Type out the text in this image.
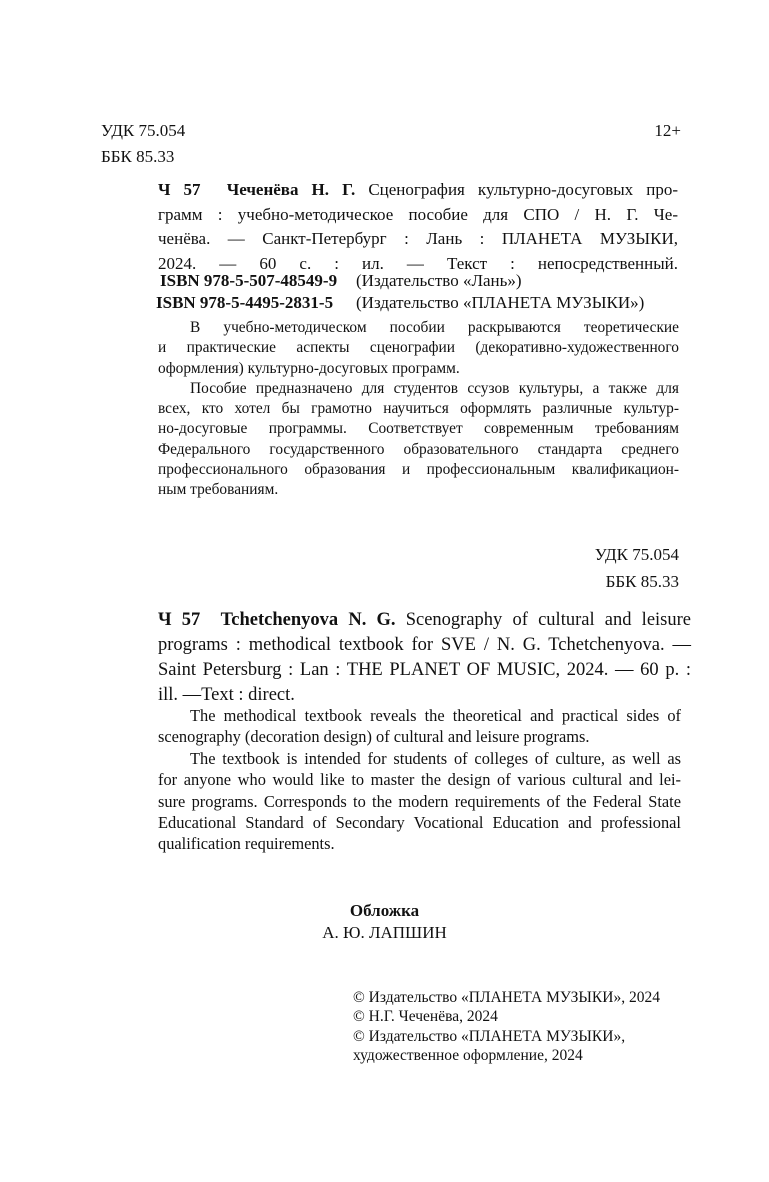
УДК 75.054
ББК 85.33
12+
Ч 57 Чеченёва Н. Г. Сценография культурно-досуговых про-
грамм : учебно-методическое пособие для СПО / Н. Г. Че-
ченёва. — Санкт-Петербург : Лань : ПЛАНЕТА МУЗЫКИ,
2024. — 60 с. : ил. — Текст : непосредственный.
ISBN 978-5-507-48549-9 (Издательство «Лань»)
ISBN 978-5-4495-2831-5 (Издательство «ПЛАНЕТА МУЗЫКИ»)

В учебно-методическом пособии раскрываются теоретические

и практические аспекты сценографии (декоративно-художественного

оформления) культурно-досуговых программ.

Пособие предназначено для студентов ссузов культуры, а также для

всех, кто хотел бы грамотно научиться оформлять различные культур-

но-досуговые программы. Соответствует современным требованиям

Федерального государственного образовательного стандарта среднего

профессионального образования и профессиональным квалификацион-

ным требованиям.

УДК 75.054
ББК 85.33
Ч 57 Tchetchenyova N. G. Scenography of cultural and leisure
programs : methodical textbook for SVE / N. G. Tchetchenyova. —
Saint Petersburg : Lan : THE PLANET OF MUSIC, 2024. — 60 p. :
ill. —Text : direct.

The methodical textbook reveals the theoretical and practical sides of

scenography (decoration design) of cultural and leisure programs.

The textbook is intended for students of colleges of culture, as well as

for anyone who would like to master the design of various cultural and lei-

sure programs. Corresponds to the modern requirements of the Federal State

Educational Standard of Secondary Vocational Education and professional

qualification requirements.

Обложка
А. Ю. ЛАПШИН
© Издательство «ПЛАНЕТА МУЗЫКИ», 2024
© Н.Г. Чеченёва, 2024
© Издательство «ПЛАНЕТА МУЗЫКИ»,
художественное оформление, 2024
